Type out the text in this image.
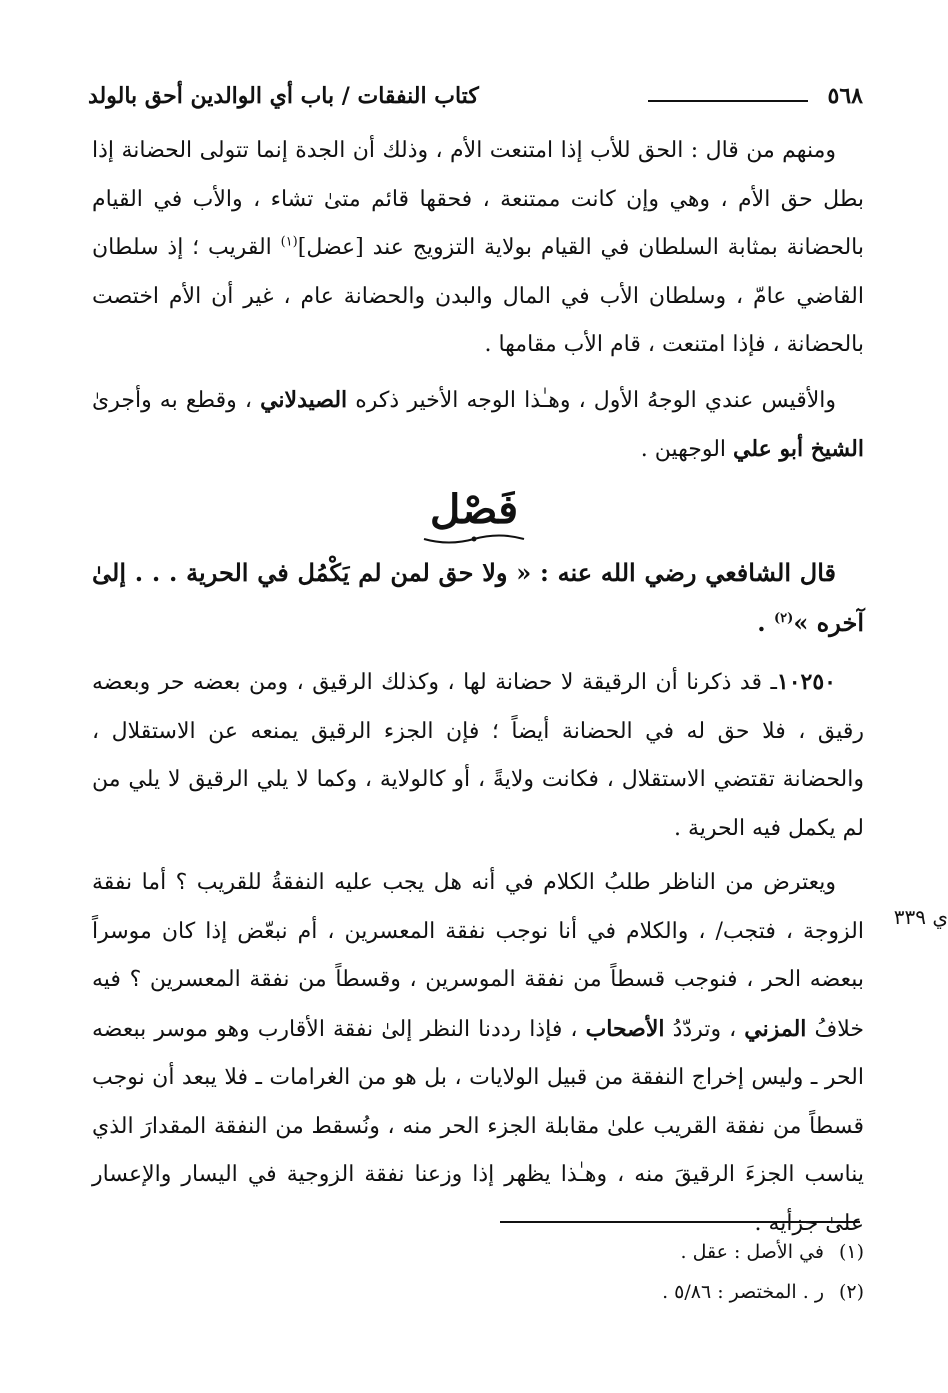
٥٦٨
كتاب النفقات / باب أي الوالدين أحق بالولد

ومنهم من قال : الحق للأب إذا امتنعت الأم ، وذلك أن الجدة إنما تتولى الحضانة إذا بطل حق الأم ، وهي وإن كانت ممتنعة ، فحقها قائم متىٰ تشاء ، والأب في القيام بالحضانة بمثابة السلطان في القيام بولاية التزويج عند [عضل]$^{(١)}$ القريب ؛ إذ سلطان القاضي عامّ ، وسلطان الأب في المال والبدن والحضانة عام ، غير أن الأم اختصت بالحضانة ، فإذا امتنعت ، قام الأب مقامها .

والأقيس عندي الوجهُ الأول ، وهـٰذا الوجه الأخير ذكره الصيدلاني ، وقطع به وأجرىٰ الشيخ أبو علي الوجهين .

فَصْل

قال الشافعي رضي الله عنه : « ولا حق لمن لم يَكْمُل في الحرية . . . إلىٰ آخره »$^{(٢)}$ .

١٠٢٥٠ـ قد ذكرنا أن الرقيقة لا حضانة لها ، وكذلك الرقيق ، ومن بعضه حر وبعضه رقيق ، فلا حق له في الحضانة أيضاً ؛ فإن الجزء الرقيق يمنعه عن الاستقلال ، والحضانة تقتضي الاستقلال ، فكانت ولايةً ، أو كالولاية ، وكما لا يلي الرقيق لا يلي من لم يكمل فيه الحرية .

ويعترض من الناظر طلبُ الكلام في أنه هل يجب عليه النفقةُ للقريب ؟ أما نفقة الزوجة ، فتجب/ ، والكلام في أنا نوجب نفقة المعسرين ، أم نبعّض إذا كان موسراً ببعضه الحر ، فنوجب قسطاً من نفقة الموسرين ، وقسطاً من نفقة المعسرين ؟ فيه خلافُ المزني ، وتردّدُ الأصحاب ، فإذا رددنا النظر إلىٰ نفقة الأقارب وهو موسر ببعضه الحر ـ وليس إخراج النفقة من قبيل الولايات ، بل هو من الغرامات ـ فلا يبعد أن نوجب قسطاً من نفقة القريب علىٰ مقابلة الجزء الحر منه ، ونُسقط من النفقة المقدارَ الذي يناسب الجزءَ الرقيقَ منه ، وهـٰذا يظهر إذا وزعنا نفقة الزوجية في اليسار والإعسار علىٰ جزأيه .

ي ٣٣٩
(١)في الأصل : عقل .
(٢)ر . المختصر : ٥/٨٦ .
